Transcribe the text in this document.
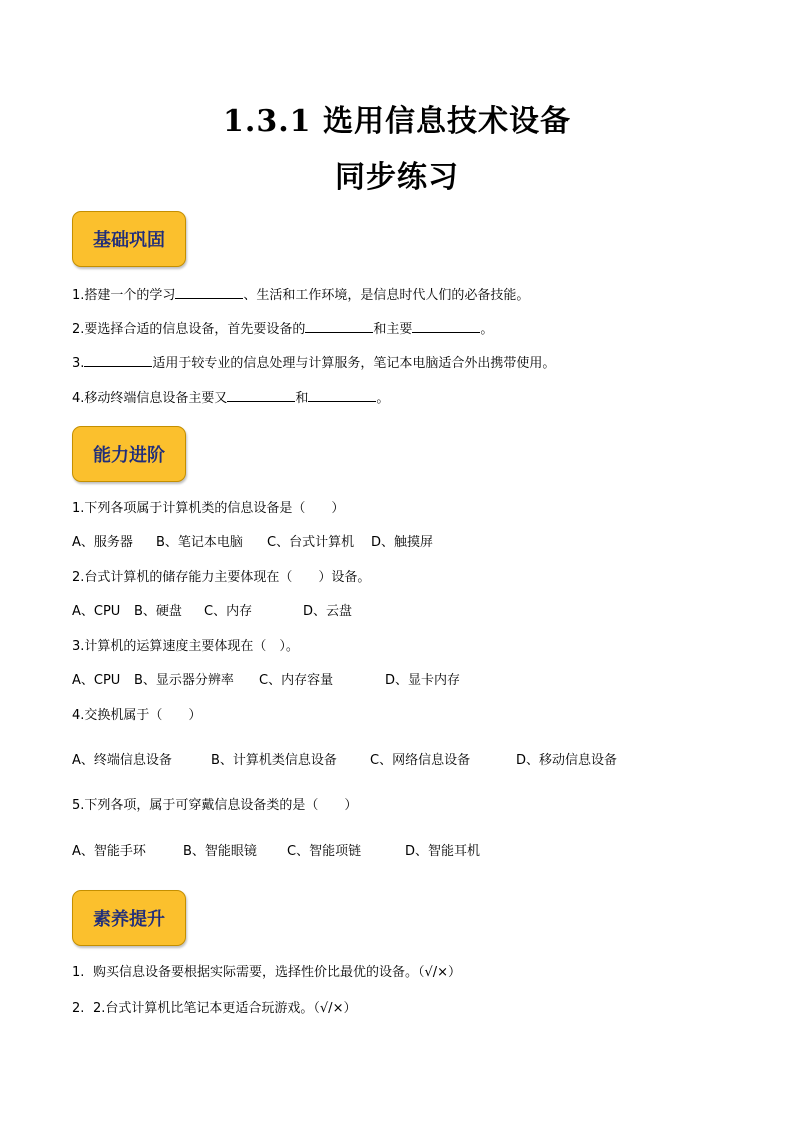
1.3.1 选用信息技术设备
同步练习
基础巩固
1.搭建一个的学习	、生活和工作环境，是信息时代人们的必备技能。
2.要选择合适的信息设备，首先要设备的	和主要	。
3.	适用于较专业的信息处理与计算服务，笔记本电脑适合外出携带使用。
4.移动终端信息设备主要又	和	。
能力进阶
1.下列各项属于计算机类的信息设备是（　　）
A、服务器 B、笔记本电脑 C、台式计算机 D、触摸屏
2.台式计算机的储存能力主要体现在（　　）设备。
A、CPU B、硬盘 C、内存	D、云盘
3.计算机的运算速度主要体现在（　）。
A、CPU B、显示器分辨率 C、内存容量	D、显卡内存
4.交换机属于（　　）
A、终端信息设备	B、计算机类信息设备	C、网络信息设备	D、移动信息设备
5.下列各项，属于可穿戴信息设备类的是（　　）
A、智能手环	B、智能眼镜 C、智能项链	D、智能耳机
素养提升
1. 购买信息设备要根据实际需要，选择性价比最优的设备。（√/×）
2. 2.台式计算机比笔记本更适合玩游戏。（√/×）
